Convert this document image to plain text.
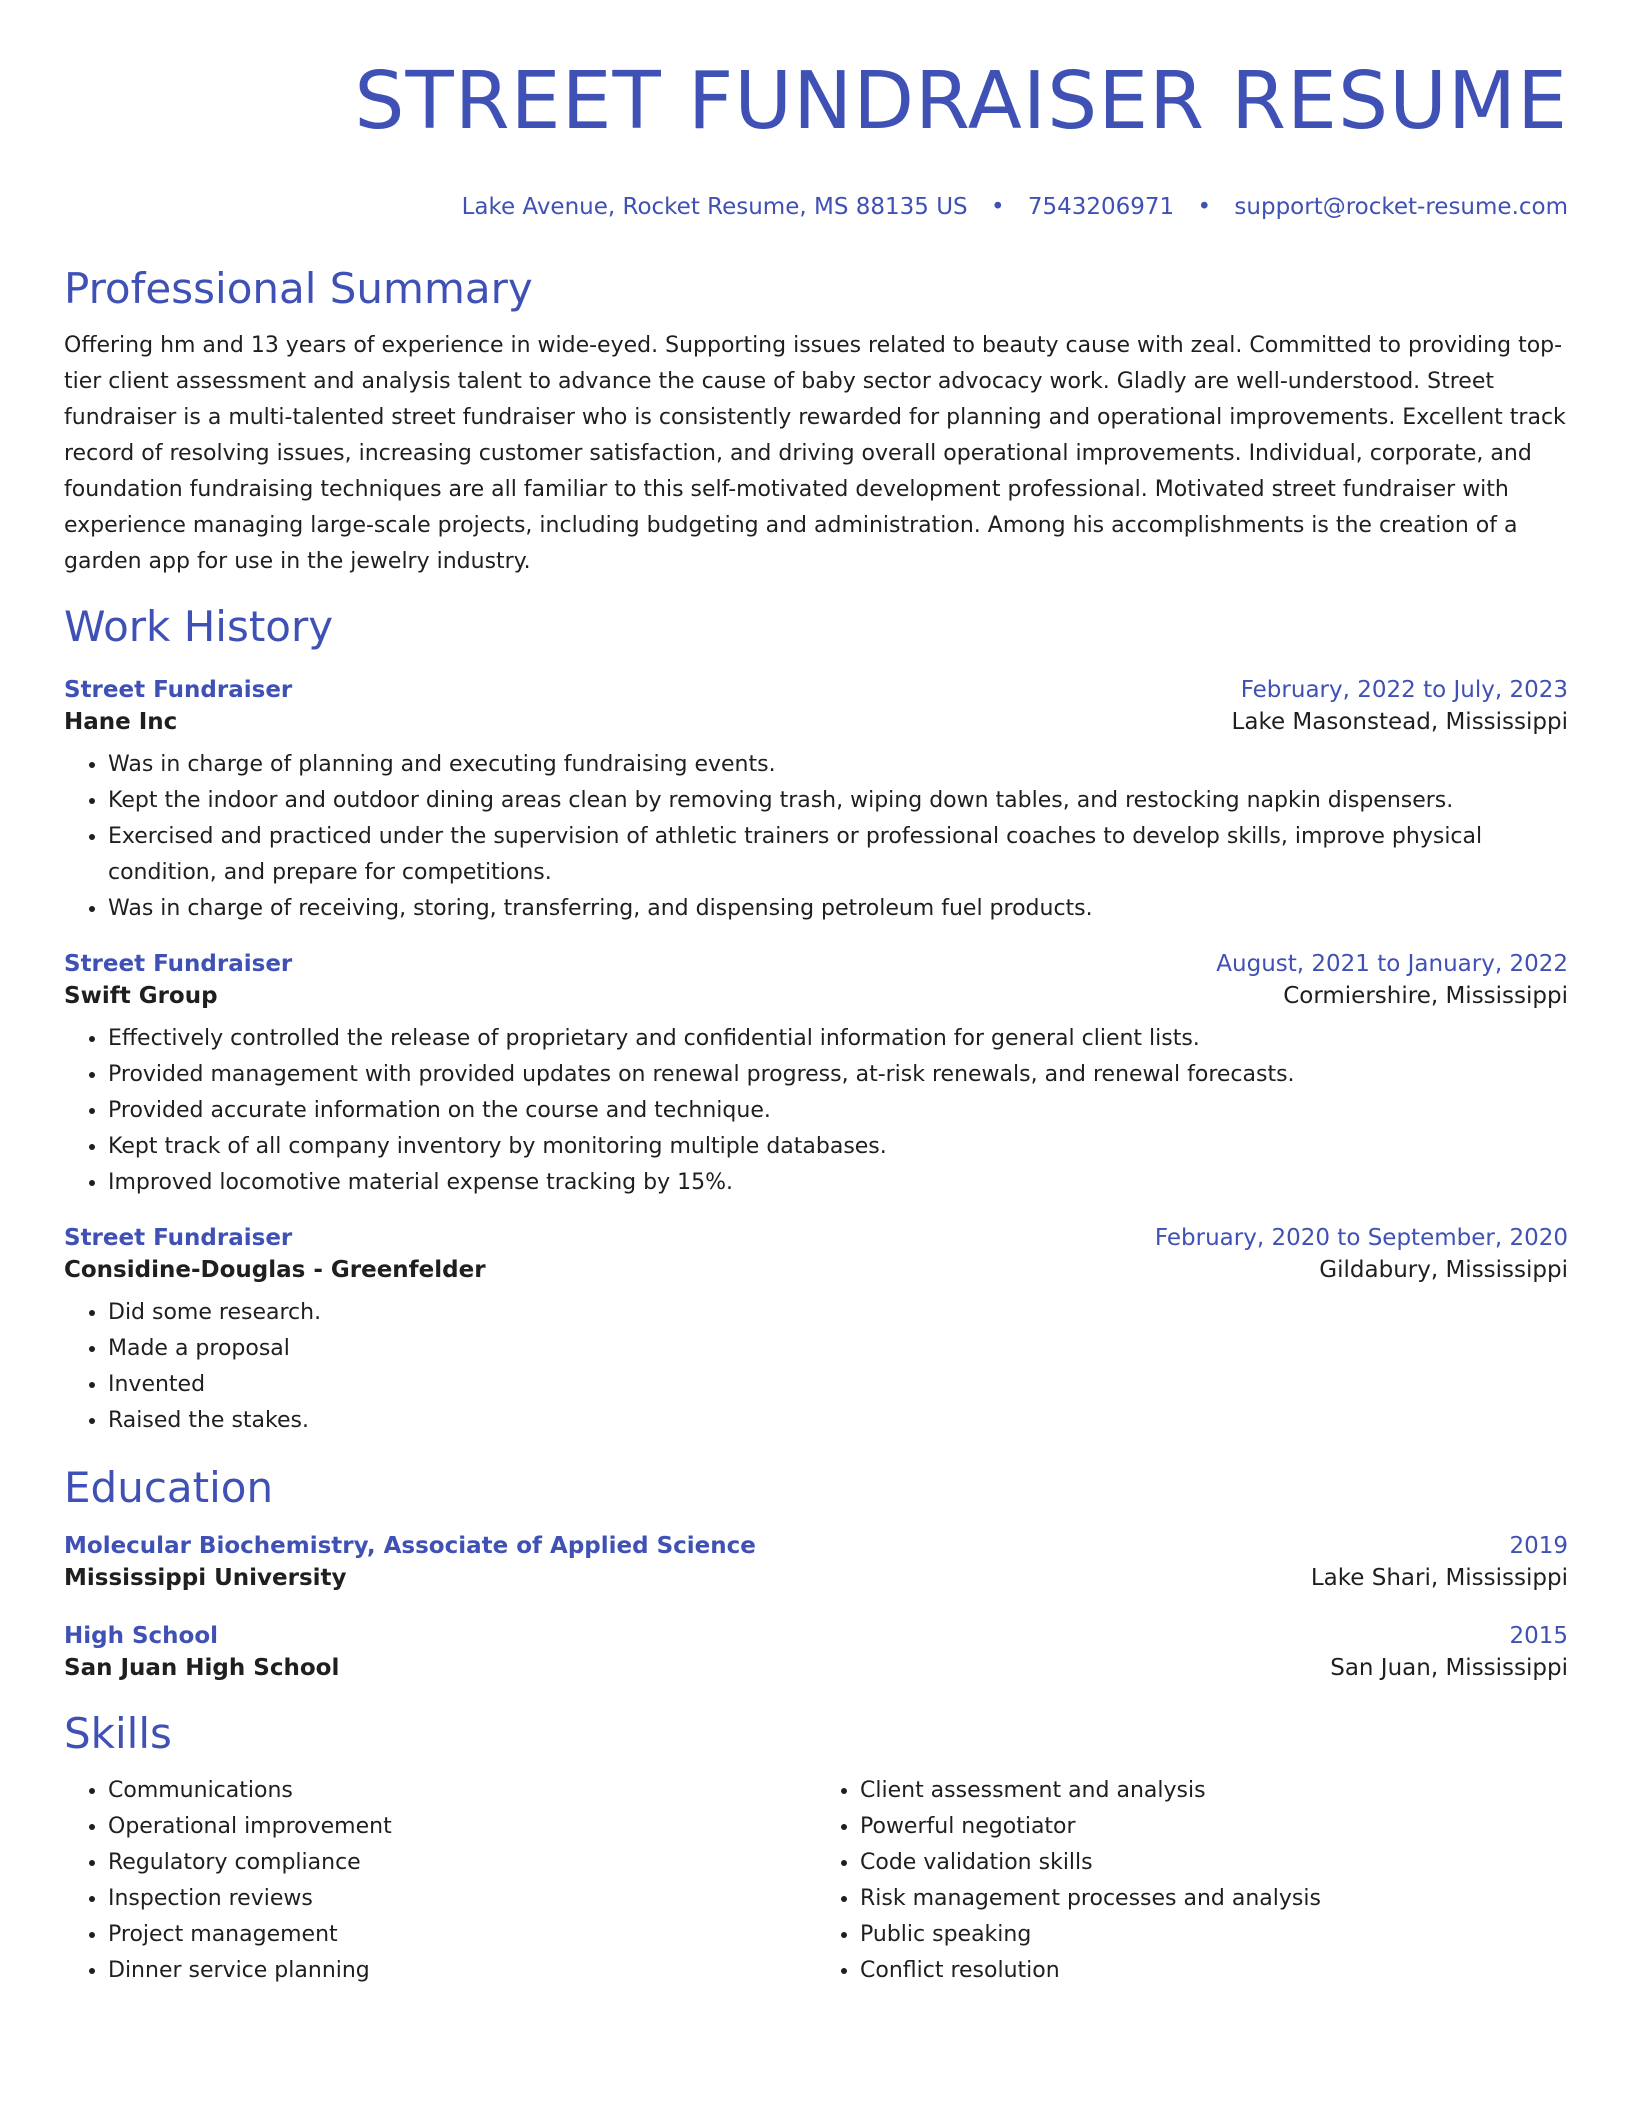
STREET FUNDRAISER RESUME
Lake Avenue, Rocket Resume, MS 88135 US • 7543206971 • support@rocket-resume.com
Professional Summary

Offering hm and 13 years of experience in wide-eyed. Supporting issues related to beauty cause with zeal. Committed to providing top-tier client assessment and analysis talent to advance the cause of baby sector advocacy work. Gladly are well-understood. Street fundraiser is a multi-talented street fundraiser who is consistently rewarded for planning and operational improvements. Excellent track record of resolving issues, increasing customer satisfaction, and driving overall operational improvements. Individual, corporate, and foundation fundraising techniques are all familiar to this self-motivated development professional. Motivated street fundraiser with experience managing large-scale projects, including budgeting and administration. Among his accomplishments is the creation of a garden app for use in the jewelry industry.

Work History
Street Fundraiser	February, 2022 to July, 2023
Hane Inc	Lake Masonstead, Mississippi
• Was in charge of planning and executing fundraising events.
• Kept the indoor and outdoor dining areas clean by removing trash, wiping down tables, and restocking napkin dispensers.
• Exercised and practiced under the supervision of athletic trainers or professional coaches to develop skills, improve physical condition, and prepare for competitions.
• Was in charge of receiving, storing, transferring, and dispensing petroleum fuel products.
Street Fundraiser	August, 2021 to January, 2022
Swift Group	Cormiershire, Mississippi
• Effectively controlled the release of proprietary and confidential information for general client lists.
• Provided management with provided updates on renewal progress, at-risk renewals, and renewal forecasts.
• Provided accurate information on the course and technique.
• Kept track of all company inventory by monitoring multiple databases.
• Improved locomotive material expense tracking by 15%.
Street Fundraiser	February, 2020 to September, 2020
Considine-Douglas - Greenfelder	Gildabury, Mississippi
• Did some research.
• Made a proposal
• Invented
• Raised the stakes.
Education
Molecular Biochemistry, Associate of Applied Science	2019
Mississippi University	Lake Shari, Mississippi
High School	2015
San Juan High School	San Juan, Mississippi
Skills
• Communications
• Operational improvement
• Regulatory compliance
• Inspection reviews
• Project management
• Dinner service planning
• Client assessment and analysis
• Powerful negotiator
• Code validation skills
• Risk management processes and analysis
• Public speaking
• Conflict resolution
